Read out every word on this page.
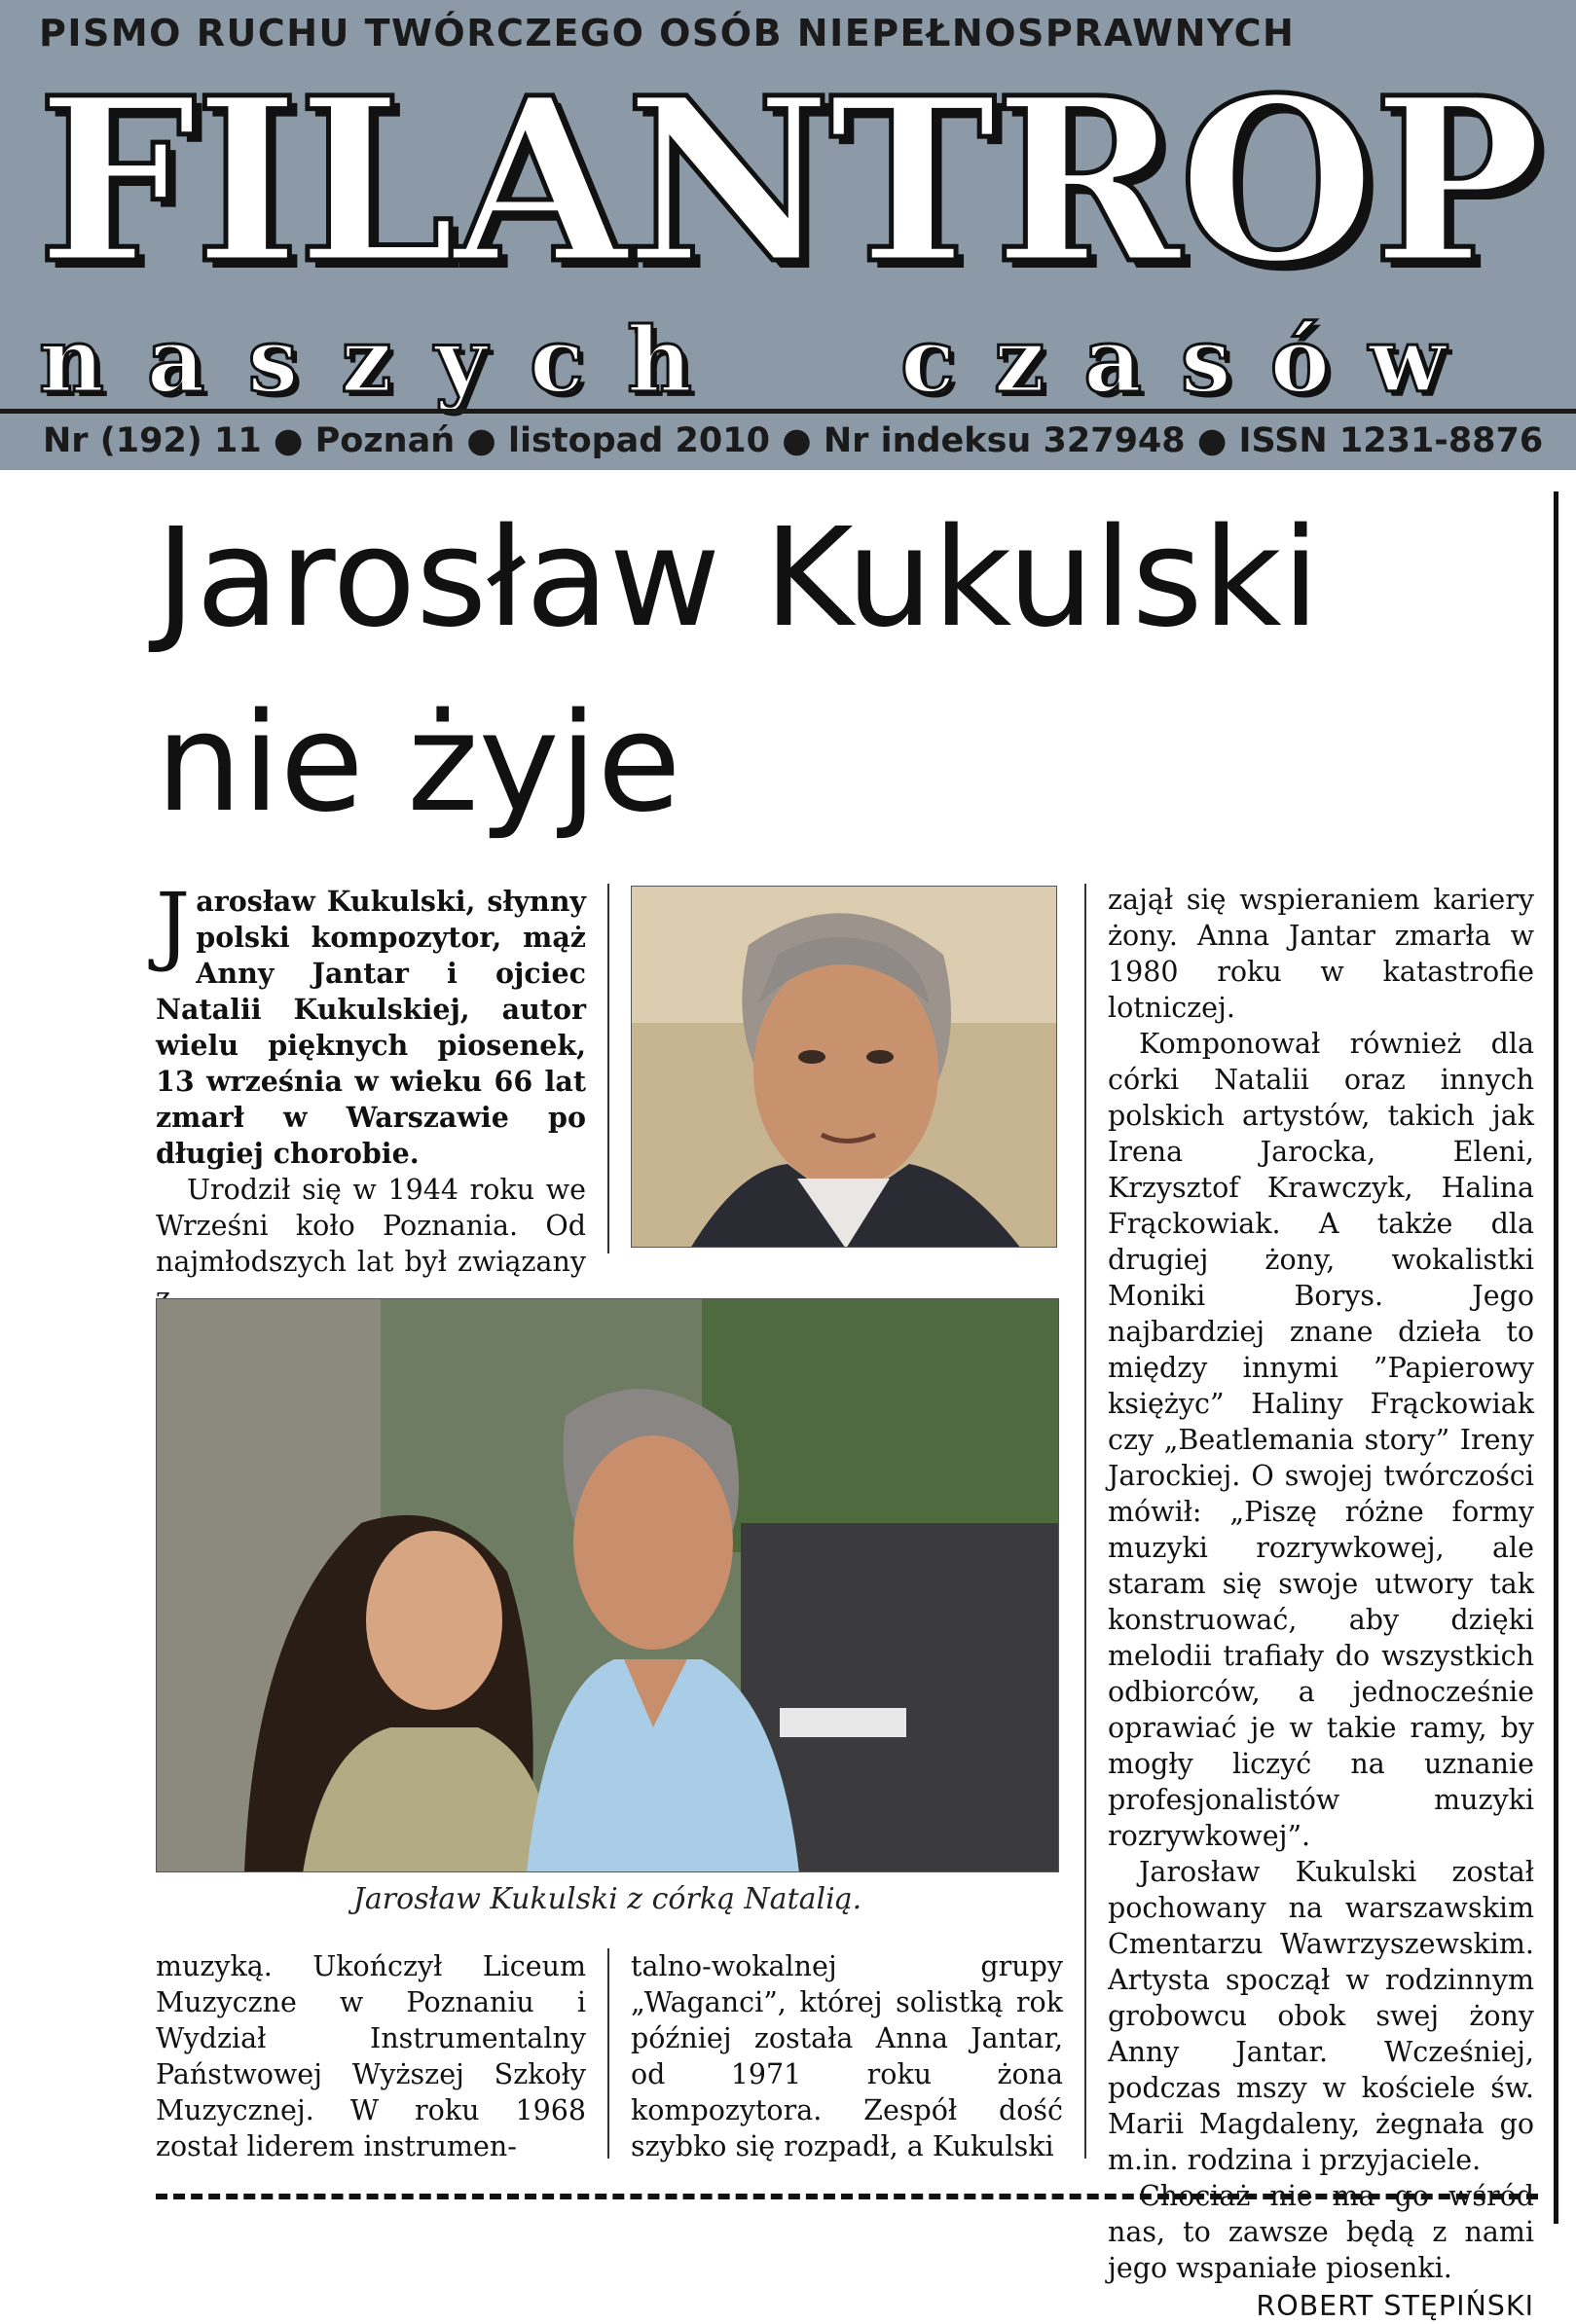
PISMO RUCHU TWÓRCZEGO OSÓB NIEPEŁNOSPRAWNYCH
FILANTROP
naszych czasów
Nr (192) 11 ● Poznań ● listopad 2010 ● Nr indeksu 327948 ● ISSN 1231-8876
Jarosław Kukulski
nie żyje

Jarosław Kukulski, słynny polski kompozytor, mąż Anny Jantar i ojciec Natalii Kukulskiej, autor wielu pięknych piosenek, 13 września w wieku 66 lat zmarł w Warszawie po długiej chorobie.

Urodził się w 1944 roku we Wrześni koło Poznania. Od najmłodszych lat był związany

Jarosław Kukulski z córką Natalią.

muzyką. Ukończył Liceum Muzyczne w Poznaniu i Wydział Instrumentalny Państwowej Wyższej Szkoły Muzycznej. W roku 1968 został liderem instrumen-

talno-wokalnej grupy „Waganci”, której solistką rok później została Anna Jantar, od 1971 roku żona kompozytora. Zespół dość szybko się rozpadł, a Kukulski

zajął się wspieraniem kariery żony. Anna Jantar zmarła w 1980 roku w katastrofie lotniczej.

Komponował również dla córki Natalii oraz innych polskich artystów, takich jak Irena Jarocka, Eleni, Krzysztof Krawczyk, Halina Frąckowiak. A także dla drugiej żony, wokalistki Moniki Borys. Jego najbardziej znane dzieła to między innymi ”Papierowy księżyc” Haliny Frąckowiak czy „Beatlemania story” Ireny Jarockiej. O swojej twórczości mówił: „Piszę różne formy muzyki rozrywkowej, ale staram się swoje utwory tak konstruować, aby dzięki melodii trafiały do wszystkich odbiorców, a jednocześnie oprawiać je w takie ramy, by mogły liczyć na uznanie profesjonalistów muzyki rozrywkowej”.

Jarosław Kukulski został pochowany na warszawskim Cmentarzu Wawrzyszewskim. Artysta spoczął w rodzinnym grobowcu obok swej żony Anny Jantar. Wcześniej, podczas mszy w kościele św. Marii Magdaleny, żegnała go m.in. rodzina i przyjaciele.

Chociaż nie ma go wśród nas, to zawsze będą z nami jego wspaniałe piosenki.

ROBERT STĘPIŃSKI
